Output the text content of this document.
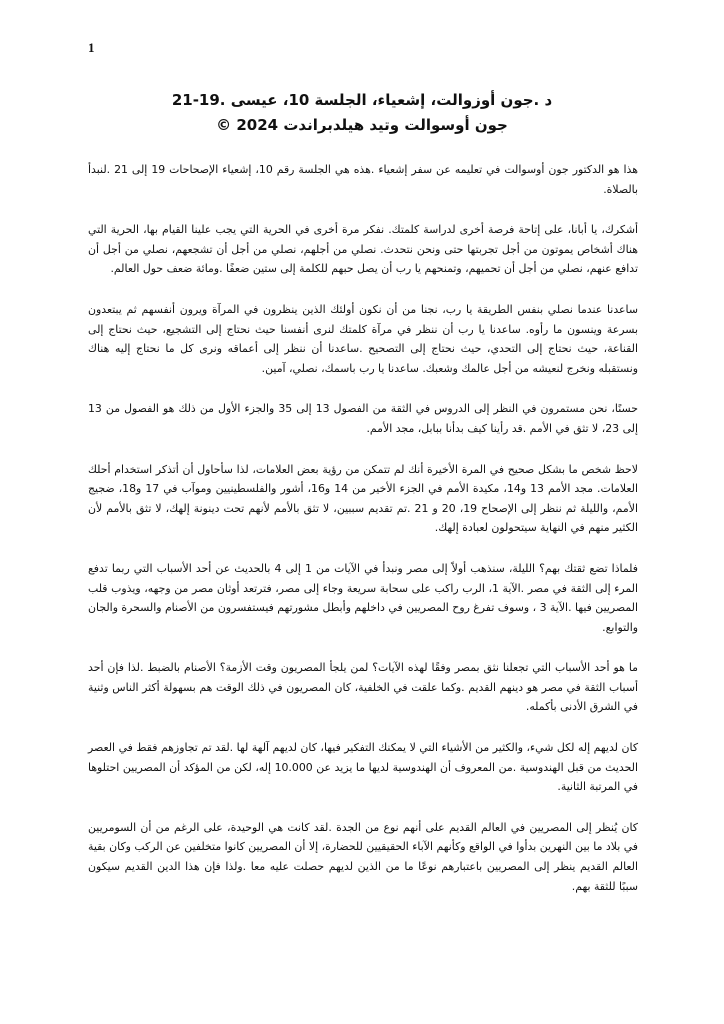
1

د .جون أوزوالت، إشعياء، الجلسة 10، عيسى .19-21

جون أوسوالت وتيد هيلدبراندت 2024 ©

هذا هو الدكتور جون أوسوالت في تعليمه عن سفر إشعياء .هذه هي الجلسة رقم 10، إشعياء الإصحاحات 19 إلى 21 .لنبدأ بالصلاة.

أشكرك، يا أبانا، على إتاحة فرصة أخرى لدراسة كلمتك. نفكر مرة أخرى في الحرية التي يجب علينا القيام بها، الحرية التي هناك أشخاص يموتون من أجل تجربتها حتى ونحن نتحدث. نصلي من أجلهم، نصلي من أجل أن تشجعهم، نصلي من أجل أن تدافع عنهم، نصلي من أجل أن تحميهم، وتمنحهم يا رب أن يصل حبهم للكلمة إلى ستين ضعفًا .ومائة ضعف حول العالم.

ساعدنا عندما نصلي بنفس الطريقة يا رب، نجنا من أن نكون أولئك الذين ينظرون في المرآة ويرون أنفسهم ثم يبتعدون بسرعة وينسون ما رأوه. ساعدنا يا رب أن ننظر في مرآة كلمتك لنرى أنفسنا حيث نحتاج إلى التشجيع، حيث نحتاج إلى القناعة، حيث نحتاج إلى التحدي، حيث نحتاج إلى التصحيح .ساعدنا أن ننظر إلى أعماقه ونرى كل ما نحتاج إليه هناك ونستقبله ونخرج لنعيشه من أجل عالمك وشعبك. ساعدنا يا رب باسمك، نصلي، آمين.

حسنًا، نحن مستمرون في النظر إلى الدروس في الثقة من الفصول 13 إلى 35 والجزء الأول من ذلك هو الفصول من 13 إلى 23، لا تثق في الأمم .قد رأينا كيف بدأنا ببابل، مجد الأمم.

لاحظ شخص ما بشكل صحيح في المرة الأخيرة أنك لم تتمكن من رؤية بعض العلامات، لذا سأحاول أن أتذكر استخدام أحلك العلامات. مجد الأمم 13 و14، مكيدة الأمم في الجزء الأخير من 14 و16، أشور والفلسطينيين وموآب في 17 و18، ضجيج الأمم، والليلة ثم ننظر إلى الإصحاح 19، 20 و 21 .تم تقديم سببين، لا تثق بالأمم لأنهم تحت دينونة إلهك، لا تثق بالأمم لأن الكثير منهم في النهاية سيتحولون لعبادة إلهك.

فلماذا تضع ثقتك بهم؟ الليلة، سنذهب أولاً إلى مصر ونبدأ في الآيات من 1 إلى 4 بالحديث عن أحد الأسباب التي ربما تدفع المرء إلى الثقة في مصر .الآية 1، الرب راكب على سحابة سريعة وجاء إلى مصر، فترتعد أوثان مصر من وجهه، ويذوب قلب المصريين فيها .الآية 3 ، وسوف تفرغ روح المصريين في داخلهم وأبطل مشورتهم فيستفسرون من الأصنام والسحرة والجان والتوابع.

ما هو أحد الأسباب التي تجعلنا نثق بمصر وفقًا لهذه الآيات؟ لمن يلجأ المصريون وقت الأزمة؟ الأصنام بالضبط .لذا فإن أحد أسباب الثقة في مصر هو دينهم القديم .وكما علقت في الخلفية، كان المصريون في ذلك الوقت هم بسهولة أكثر الناس وثنية في الشرق الأدنى بأكمله.

كان لديهم إله لكل شيء، والكثير من الأشياء التي لا يمكنك التفكير فيها، كان لديهم آلهة لها .لقد تم تجاوزهم فقط في العصر الحديث من قبل الهندوسية .من المعروف أن الهندوسية لديها ما يزيد عن 10.000 إله، لكن من المؤكد أن المصريين احتلوها في المرتبة الثانية.

كان يُنظر إلى المصريين في العالم القديم على أنهم نوع من الجدة .لقد كانت هي الوحيدة، على الرغم من أن السومريين في بلاد ما بين النهرين بدأوا في الواقع وكأنهم الآباء الحقيقيين للحضارة، إلا أن المصريين كانوا متخلفين عن الركب وكان بقية العالم القديم ينظر إلى المصريين باعتبارهم نوعًا ما من الذين لديهم حصلت عليه معا .ولذا فإن هذا الدين القديم سيكون سببًا للثقة بهم.
